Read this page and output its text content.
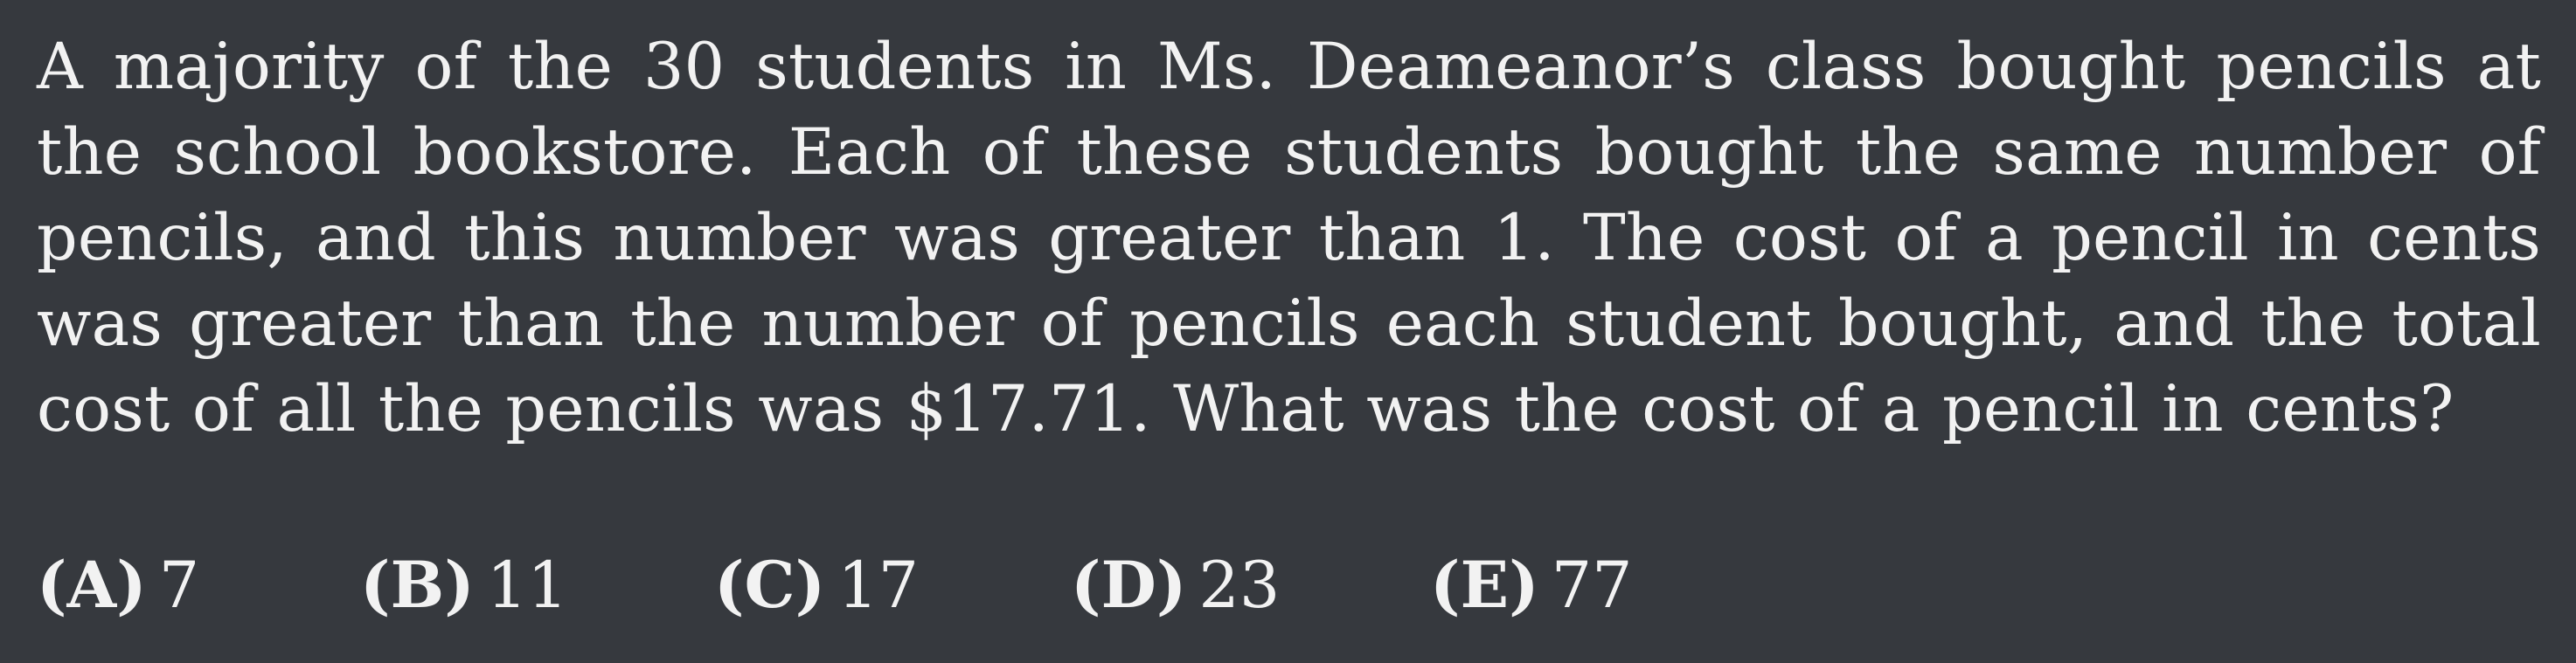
A majority of the 30 students in Ms. Deameanor’s class bought pencils at the school bookstore. Each of these students bought the same number of pencils, and this number was greater than 1. The cost of a pencil in cents was greater than the number of pencils each student bought, and the total cost of all the pencils was $17.71. What was the cost of a pencil in cents?

(A) 7	(B) 11 (C) 17 (D) 23 (E) 77
